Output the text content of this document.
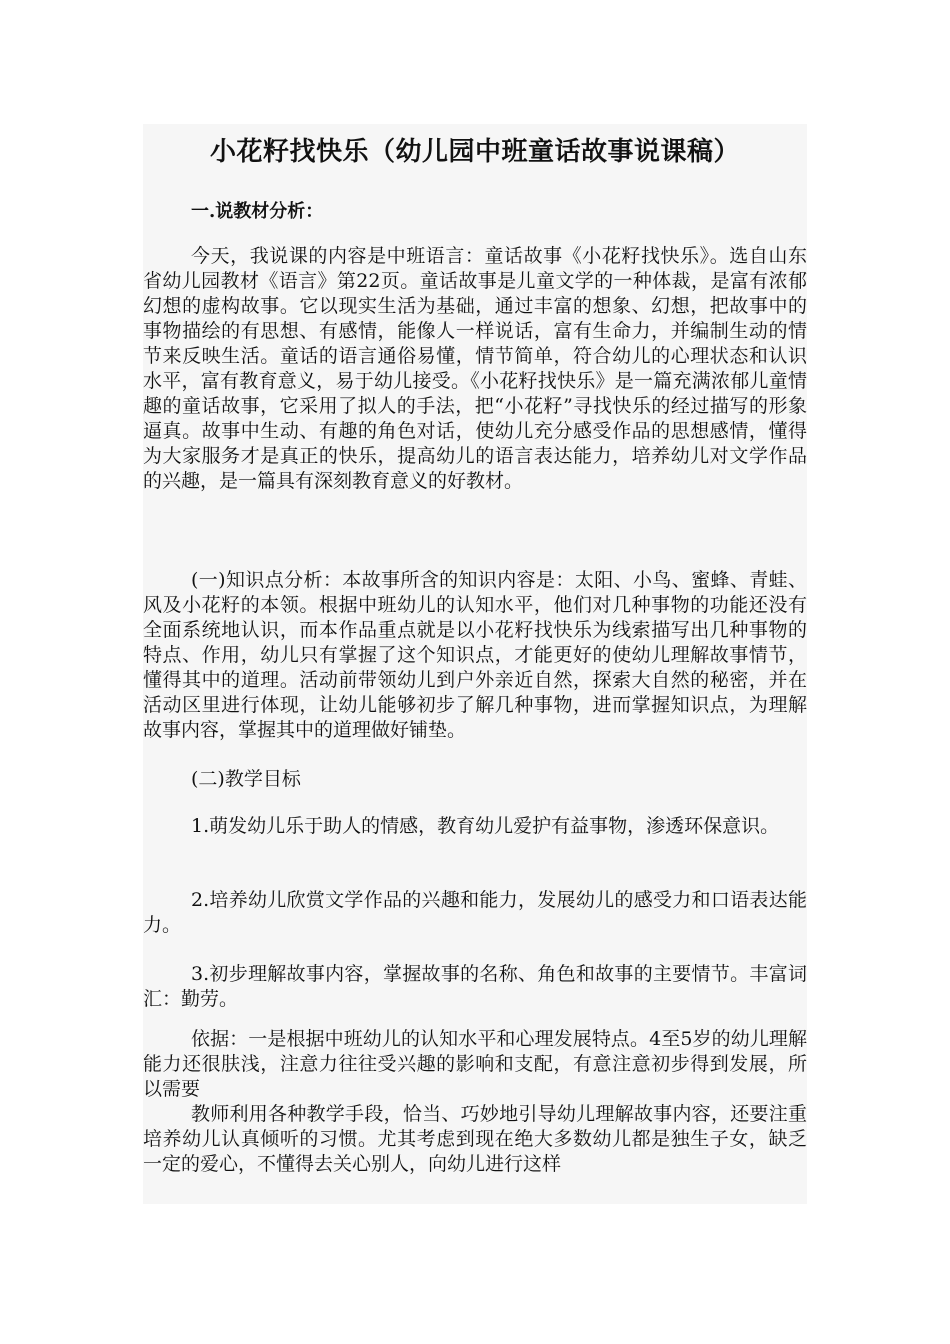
小花籽找快乐（幼儿园中班童话故事说课稿）
一.说教材分析：

今天，我说课的内容是中班语言：童话故事《小花籽找快乐》。选自山东省幼儿园教材《语言》第22页。童话故事是儿童文学的一种体裁，是富有浓郁幻想的虚构故事。它以现实生活为基础，通过丰富的想象、幻想，把故事中的事物描绘的有思想、有感情，能像人一样说话，富有生命力，并编制生动的情节来反映生活。童话的语言通俗易懂，情节简单，符合幼儿的心理状态和认识水平，富有教育意义，易于幼儿接受。《小花籽找快乐》是一篇充满浓郁儿童情趣的童话故事，它采用了拟人的手法，把“小花籽”寻找快乐的经过描写的形象逼真。故事中生动、有趣的角色对话，使幼儿充分感受作品的思想感情，懂得为大家服务才是真正的快乐，提高幼儿的语言表达能力，培养幼儿对文学作品的兴趣，是一篇具有深刻教育意义的好教材。

(一)知识点分析：本故事所含的知识内容是：太阳、小鸟、蜜蜂、青蛙、风及小花籽的本领。根据中班幼儿的认知水平，他们对几种事物的功能还没有全面系统地认识，而本作品重点就是以小花籽找快乐为线索描写出几种事物的特点、作用，幼儿只有掌握了这个知识点，才能更好的使幼儿理解故事情节，懂得其中的道理。活动前带领幼儿到户外亲近自然，探索大自然的秘密，并在活动区里进行体现，让幼儿能够初步了解几种事物，进而掌握知识点，为理解故事内容，掌握其中的道理做好铺垫。

(二)教学目标

1.萌发幼儿乐于助人的情感，教育幼儿爱护有益事物，渗透环保意识。

2.培养幼儿欣赏文学作品的兴趣和能力，发展幼儿的感受力和口语表达能力。

3.初步理解故事内容，掌握故事的名称、角色和故事的主要情节。丰富词汇：勤劳。

依据：一是根据中班幼儿的认知水平和心理发展特点。4至5岁的幼儿理解能力还很肤浅，注意力往往受兴趣的影响和支配，有意注意初步得到发展，所以需要

教师利用各种教学手段，恰当、巧妙地引导幼儿理解故事内容，还要注重培养幼儿认真倾听的习惯。尤其考虑到现在绝大多数幼儿都是独生子女，缺乏一定的爱心，不懂得去关心别人，向幼儿进行这样
